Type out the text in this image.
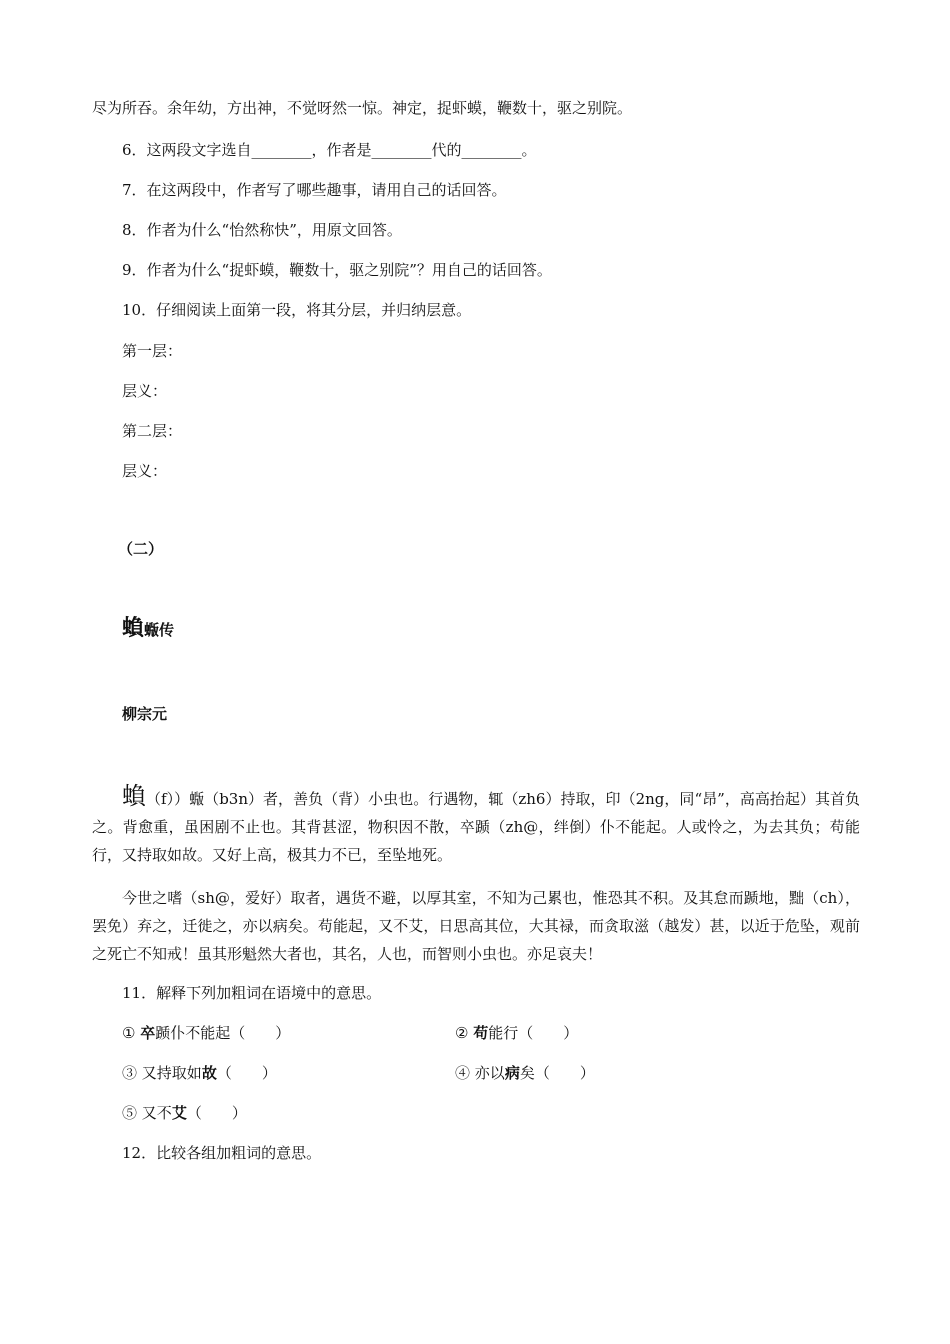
尽为所吞。余年幼，方出神，不觉呀然一惊。神定，捉虾蟆，鞭数十，驱之别院。
6．这两段文字选自________，作者是________代的________。
7．在这两段中，作者写了哪些趣事，请用自己的话回答。
8．作者为什么“怡然称快”，用原文回答。
9．作者为什么“捉虾蟆，鞭数十，驱之别院”？用自己的话回答。
10．仔细阅读上面第一段，将其分层，并归纳层意。
第一层：
层义：
第二层：
层义：
（二）
蝜蝂传
柳宗元
蝜（f））蝂（b3n）者，善负（背）小虫也。行遇物，辄（zh6）持取，印（2ng，同“昂”，高高抬起）其首负之。背愈重，虽困剧不止也。其背甚涩，物积因不散，卒踬（zh@，绊倒）仆不能起。人或怜之，为去其负；苟能行，又持取如故。又好上高，极其力不已，至坠地死。
今世之嗜（sh@，爱好）取者，遇货不避，以厚其室，不知为己累也，惟恐其不积。及其怠而踬地，黜（ch），罢免）弃之，迁徙之，亦以病矣。苟能起，又不艾，日思高其位，大其禄，而贪取滋（越发）甚，以近于危坠，观前之死亡不知戒！虽其形魁然大者也，其名，人也，而智则小虫也。亦足哀夫！
11．解释下列加粗词在语境中的意思。
① 卒踬仆不能起（　　）	② 苟能行（　　）
③ 又持取如故（　　）	④ 亦以病矣（　　）
⑤ 又不艾（　　）
12．比较各组加粗词的意思。
